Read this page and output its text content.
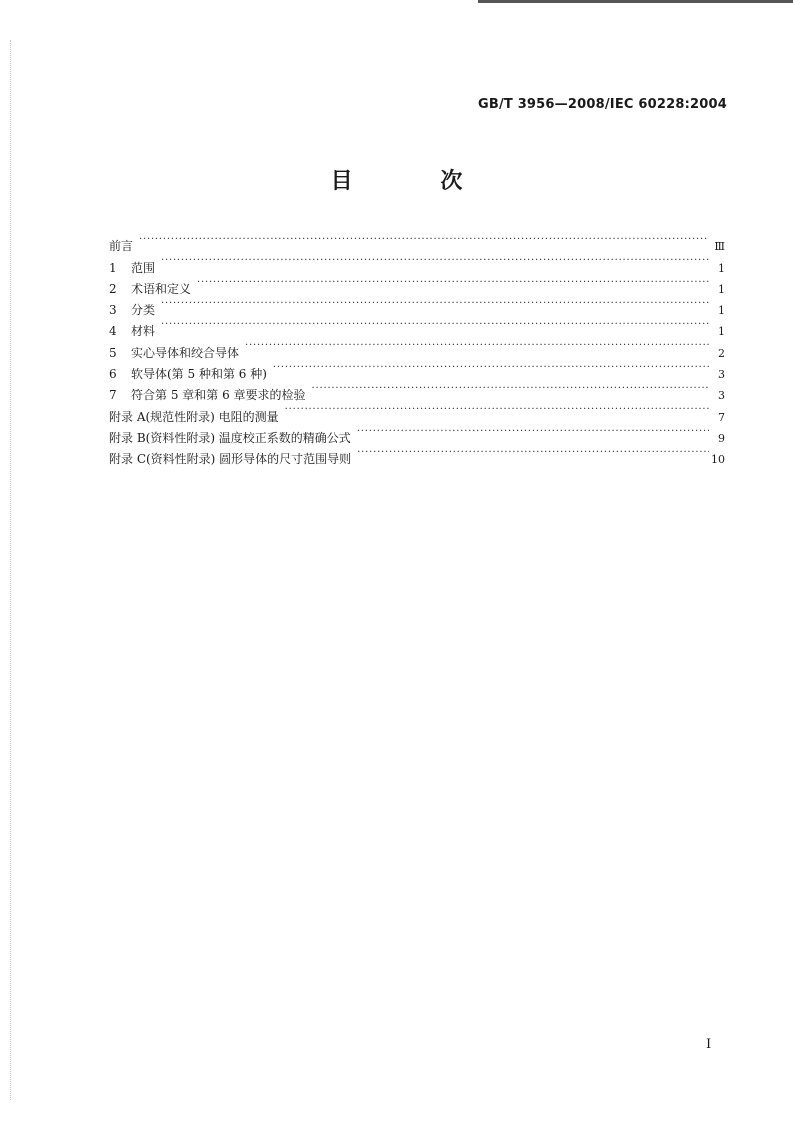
GB/T 3956—2008/IEC 60228:2004
目 次
前言 ·····	Ⅲ
1	范围 ·····	1
2	术语和定义 ·····	1
3	分类 ·····	1
4	材料 ·····	1
5	实心导体和绞合导体 ·····	2
6	软导体(第 5 种和第 6 种) ·····	3
7	符合第 5 章和第 6 章要求的检验 ·····	3
附录 A(规范性附录) 电阻的测量 ·····	7
附录 B(资料性附录) 温度校正系数的精确公式 ·····	9
附录 C(资料性附录) 圆形导体的尺寸范围导则 ·····	10
I
